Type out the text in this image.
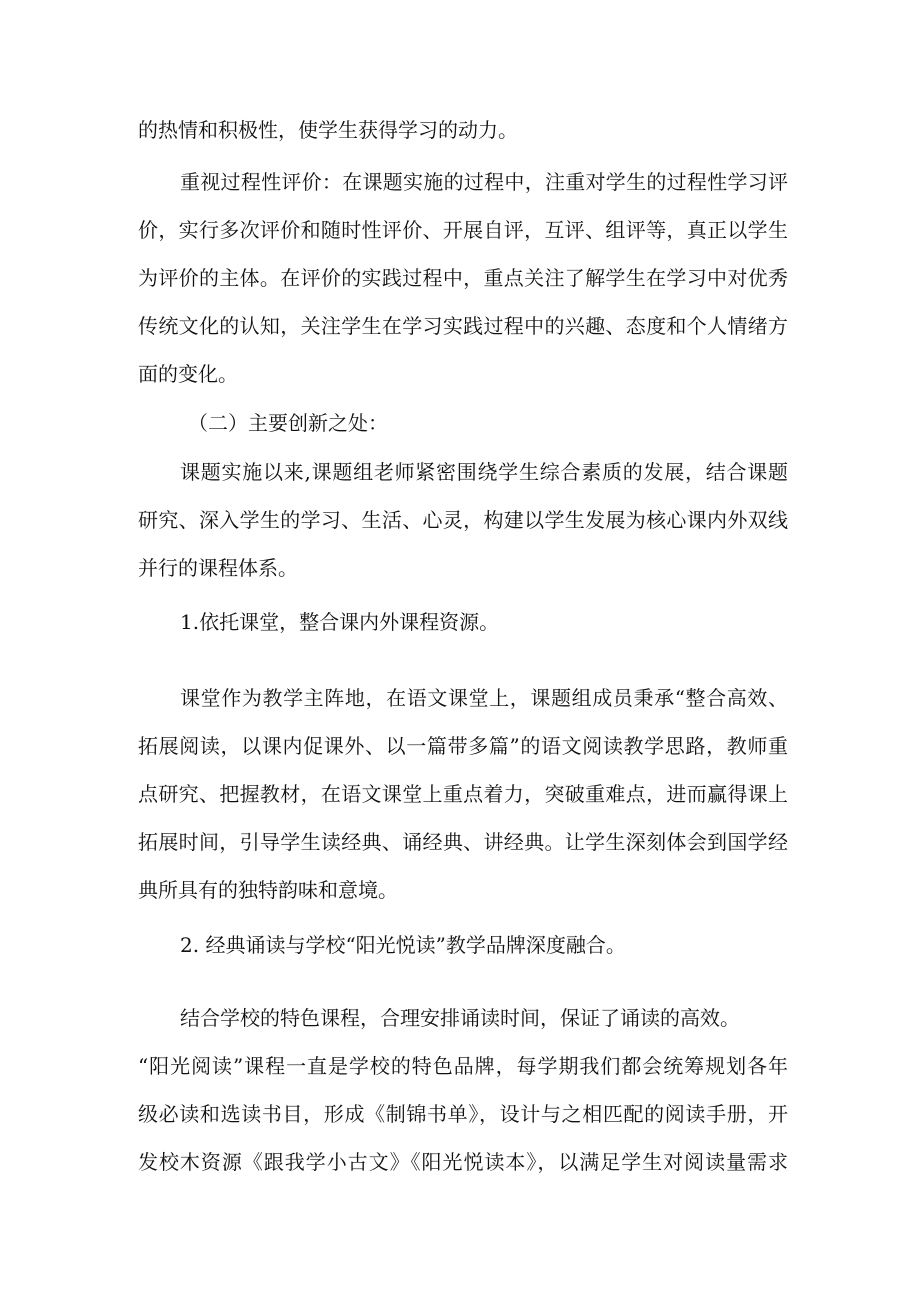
的热情和积极性，使学生获得学习的动力。

重视过程性评价：在课题实施的过程中，注重对学生的过程性学习评

价，实行多次评价和随时性评价、开展自评，互评、组评等，真正以学生

为评价的主体。在评价的实践过程中，重点关注了解学生在学习中对优秀

传统文化的认知，关注学生在学习实践过程中的兴趣、态度和个人情绪方

面的变化。

（二）主要创新之处：

课题实施以来,课题组老师紧密围绕学生综合素质的发展，结合课题

研究、深入学生的学习、生活、心灵，构建以学生发展为核心课内外双线

并行的课程体系。

1.依托课堂，整合课内外课程资源。

课堂作为教学主阵地，在语文课堂上，课题组成员秉承“整合高效、

拓展阅读，以课内促课外、以一篇带多篇”的语文阅读教学思路，教师重

点研究、把握教材，在语文课堂上重点着力，突破重难点，进而赢得课上

拓展时间，引导学生读经典、诵经典、讲经典。让学生深刻体会到国学经

典所具有的独特韵味和意境。

2. 经典诵读与学校“阳光悦读”教学品牌深度融合。

结合学校的特色课程，合理安排诵读时间，保证了诵读的高效。

“阳光阅读”课程一直是学校的特色品牌，每学期我们都会统筹规划各年

级必读和选读书目，形成《制锦书单》，设计与之相匹配的阅读手册，开

发校木资源《跟我学小古文》《阳光悦读本》，以满足学生对阅读量需求
